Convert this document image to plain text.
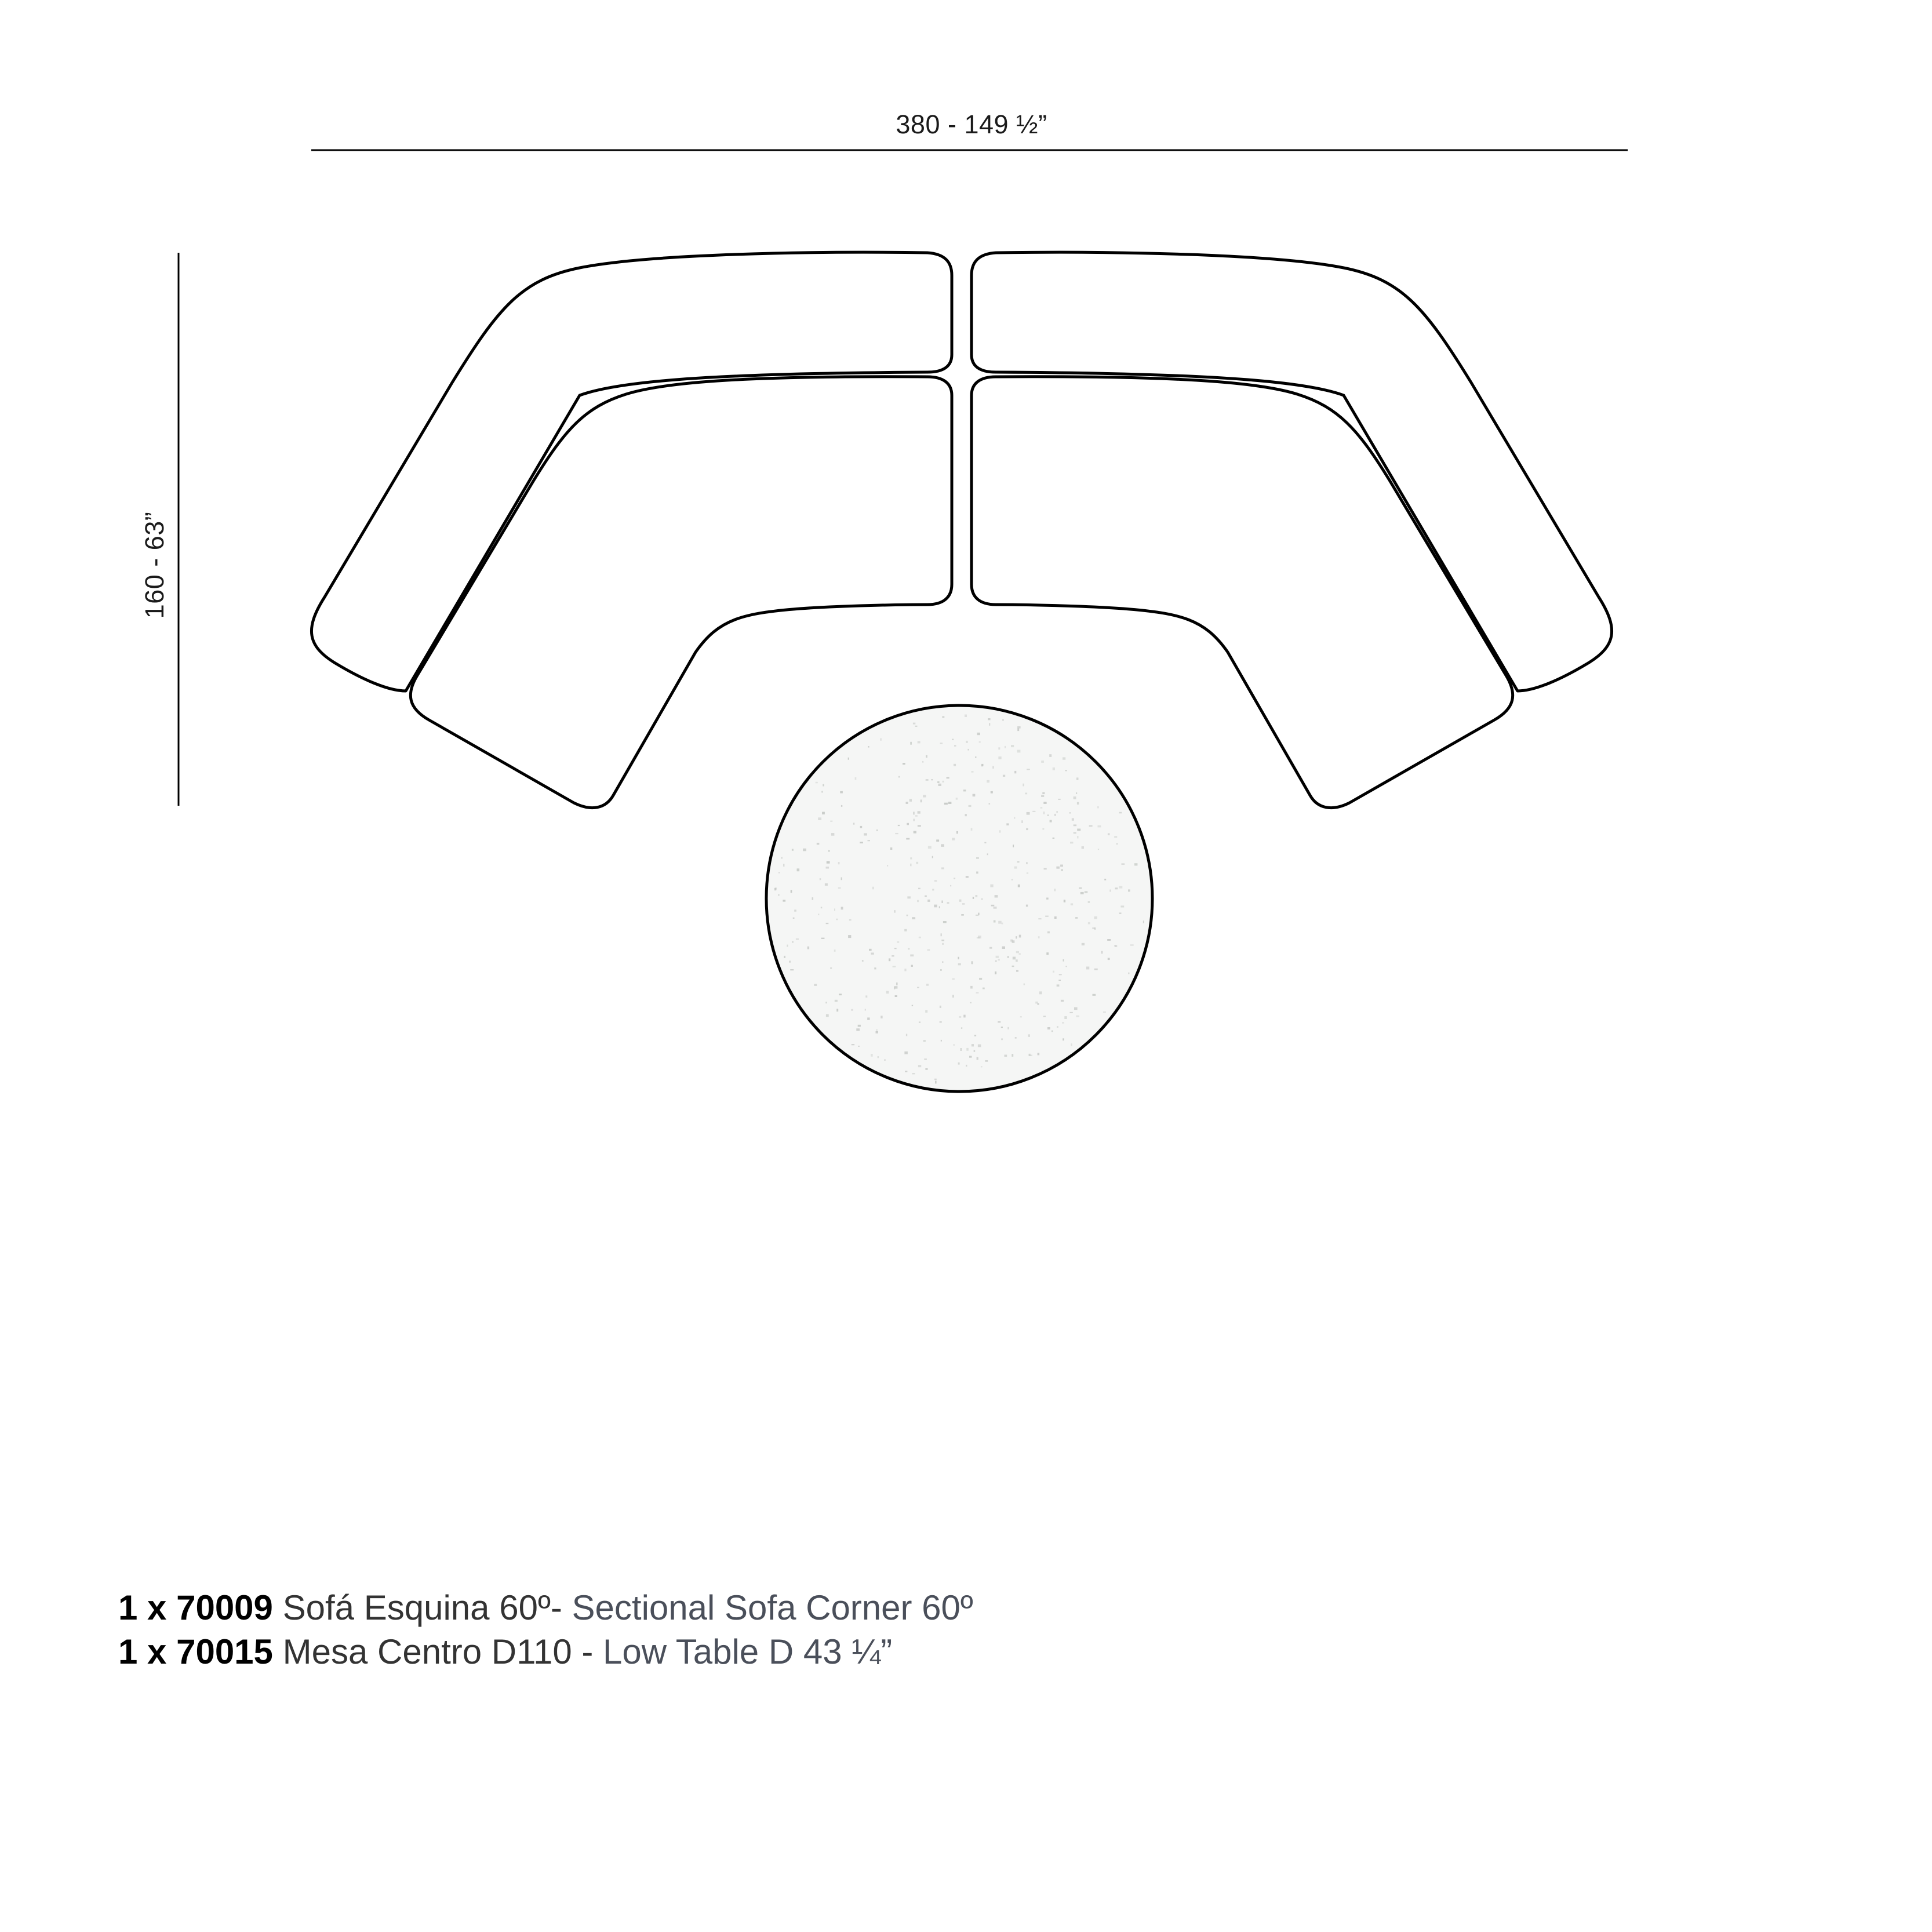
380 - 149 ½”
160 - 63”
1 x 70009 Sofá Esquina 60º- Sectional Sofa Corner 60º
1 x 70015 Mesa Centro D110 - Low Table D 43 ¼”
